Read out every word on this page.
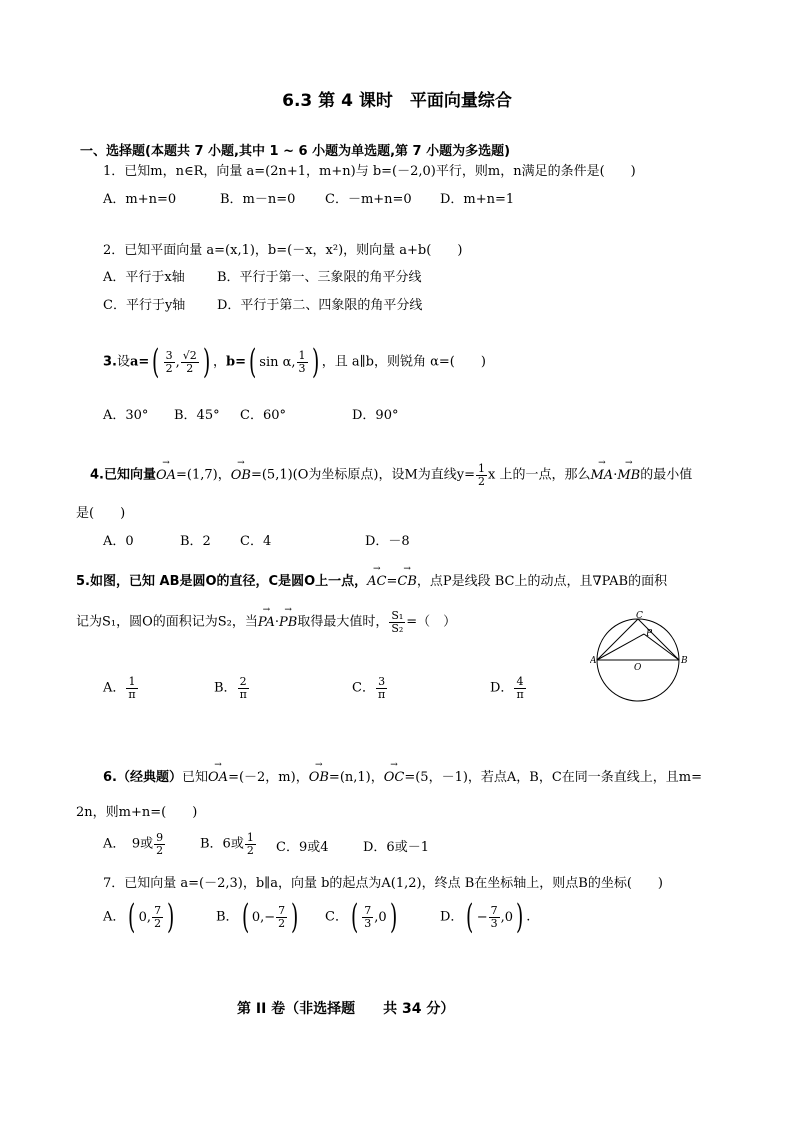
6.3 第 4 课时　平面向量综合
一、选择题(本题共 7 小题,其中 1 ~ 6 小题为单选题,第 7 小题为多选题)
1．已知m，n∈R，向量 a=(2n+1，m+n)与 b=(－2,0)平行，则m，n满足的条件是(　　)
A．m+n=0	B．m－n=0 C．－m+n=0 D．m+n=1
2．已知平面向量 a=(x,1)，b=(－x，x²)，则向量 a+b(　　)
A．平行于x轴 B．平行于第一、三象限的角平分线
C．平行于y轴 D．平行于第二、四象限的角平分线
3.设a= ( $\frac{3}{2}$ , $\frac{√2}{2}$ ) ，b= ( sin α, $\frac{1}{3}$ ) ，且 a∥b，则锐角 α=(　　)
A．30° B．45° C．60°	D．90°
4.已知向量→ OA=(1,7)，→ OB=(5,1)(O为坐标原点)，设M为直线$y= \frac{1}{2}$ x 上的一点，那么→ MA·→ MB的最小值
是(　　)
A．0	B．2 C．4	D．－8
5.如图，已知 AB是圆O的直径，C是圆O上一点，→ AC=→ CB，点P是线段 BC上的动点，且∇PAB的面积
记为S₁，圆O的面积记为S₂，当→ PA·→ PB取得最大值时， $\frac{\text{S₁}}{\text{S₂}}$ =（　）
A． $\frac{1}{\pi}$	B． $\frac{2}{\pi}$	C． $\frac{3}{\pi}$	D． $\frac{4}{\pi}$
A	B
C
P
O
6.（经典题）已知→ OA=(－2，m)，→ OB=(n,1)，→ OC=(5，－1)，若点A，B，C在同一条直线上，且m=
2n，则m+n=(　　)
A．　9或 $\frac{9}{2}$	B．6或 $\frac{1}{2}$ C．9或4	D．6或－1
7．已知向量 a=(－2,3)，b∥a，向量 b的起点为A(1,2)，终点 B在坐标轴上，则点B的坐标(　　)
A． ( 0, $\frac{7}{2}$ )	B． ( $0,- \frac{7}{2}$ ) C． ( $\frac{7}{3} ,0$ )	D． ( − $\frac{7}{3} ,0$ ) .
第 II 卷（非选择题　　共 34 分）
